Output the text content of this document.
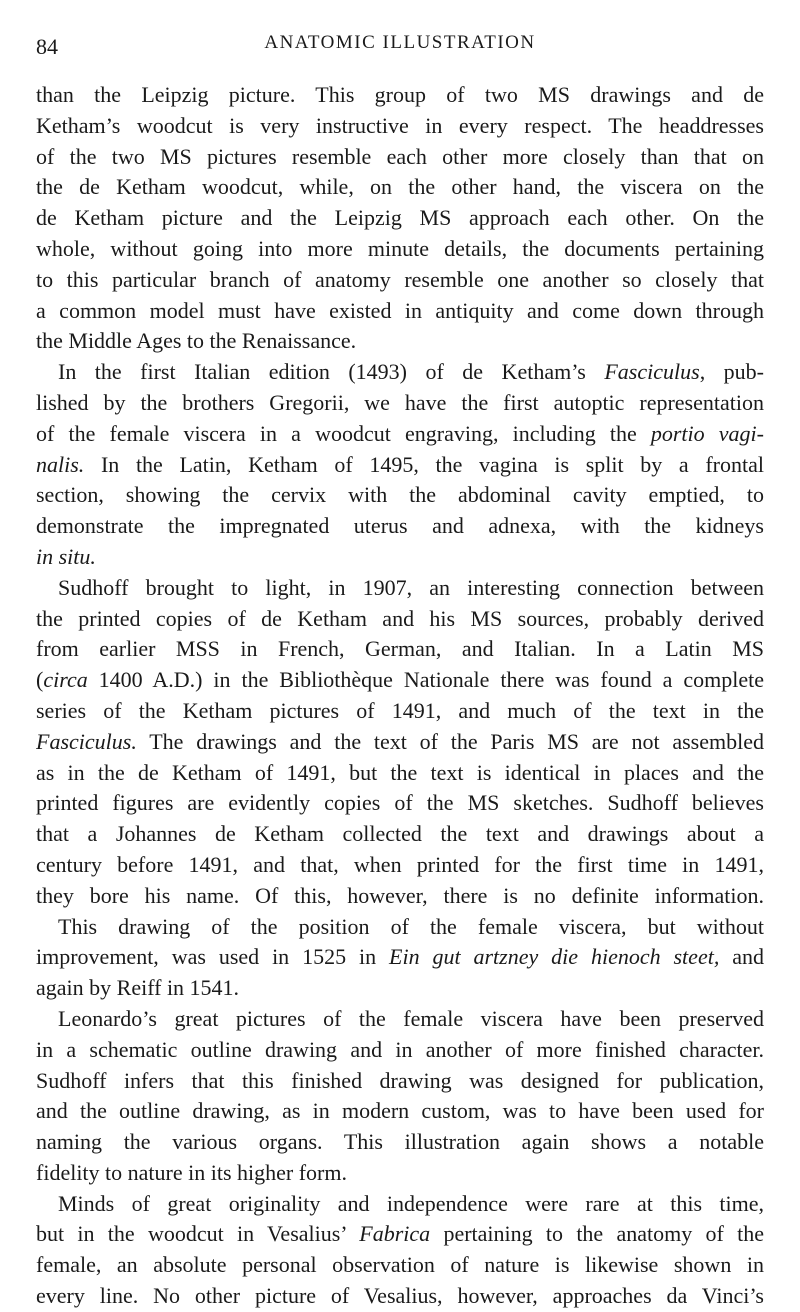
84	ANATOMIC ILLUSTRATION
than the Leipzig picture. This group of two MS drawings and de
Ketham’s woodcut is very instructive in every respect. The headdresses
of the two MS pictures resemble each other more closely than that on
the de Ketham woodcut, while, on the other hand, the viscera on the
de Ketham picture and the Leipzig MS approach each other. On the
whole, without going into more minute details, the documents pertaining
to this particular branch of anatomy resemble one another so closely that
a common model must have existed in antiquity and come down through
the Middle Ages to the Renaissance.
In the first Italian edition (1493) of de Ketham’s Fasciculus, pub-
lished by the brothers Gregorii, we have the first autoptic representation
of the female viscera in a woodcut engraving, including the portio vagi-
nalis. In the Latin, Ketham of 1495, the vagina is split by a frontal
section, showing the cervix with the abdominal cavity emptied, to
demonstrate the impregnated uterus and adnexa, with the kidneys
in situ.
Sudhoff brought to light, in 1907, an interesting connection between
the printed copies of de Ketham and his MS sources, probably derived
from earlier MSS in French, German, and Italian. In a Latin MS
(circa 1400 A.D.) in the Bibliothèque Nationale there was found a complete
series of the Ketham pictures of 1491, and much of the text in the
Fasciculus. The drawings and the text of the Paris MS are not assembled
as in the de Ketham of 1491, but the text is identical in places and the
printed figures are evidently copies of the MS sketches. Sudhoff believes
that a Johannes de Ketham collected the text and drawings about a
century before 1491, and that, when printed for the first time in 1491,
they bore his name. Of this, however, there is no definite information.
This drawing of the position of the female viscera, but without
improvement, was used in 1525 in Ein gut artzney die hienoch steet, and
again by Reiff in 1541.
Leonardo’s great pictures of the female viscera have been preserved
in a schematic outline drawing and in another of more finished character.
Sudhoff infers that this finished drawing was designed for publication,
and the outline drawing, as in modern custom, was to have been used for
naming the various organs. This illustration again shows a notable
fidelity to nature in its higher form.
Minds of great originality and independence were rare at this time,
but in the woodcut in Vesalius’ Fabrica pertaining to the anatomy of the
female, an absolute personal observation of nature is likewise shown in
every line. No other picture of Vesalius, however, approaches da Vinci’s
